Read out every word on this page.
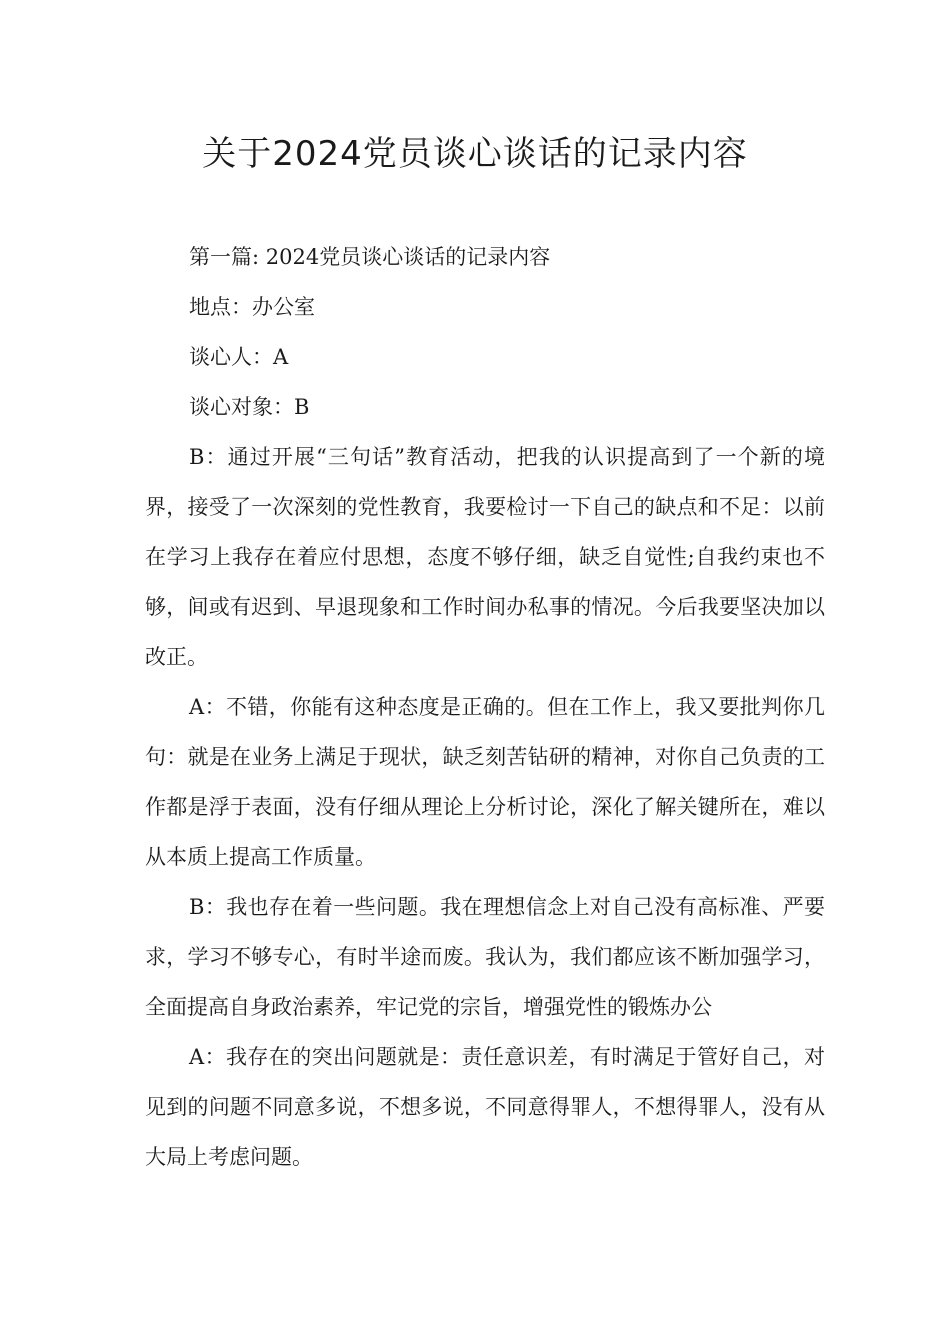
关于2024党员谈心谈话的记录内容

第一篇: 2024党员谈心谈话的记录内容

地点：办公室

谈心人：A

谈心对象：B

B：通过开展“三句话”教育活动，把我的认识提高到了一个新的境界，接受了一次深刻的党性教育，我要检讨一下自己的缺点和不足：以前在学习上我存在着应付思想，态度不够仔细，缺乏自觉性;自我约束也不够，间或有迟到、早退现象和工作时间办私事的情况。今后我要坚决加以改正。

A：不错，你能有这种态度是正确的。但在工作上，我又要批判你几句：就是在业务上满足于现状，缺乏刻苦钻研的精神，对你自己负责的工作都是浮于表面，没有仔细从理论上分析讨论，深化了解关键所在，难以从本质上提高工作质量。

B：我也存在着一些问题。我在理想信念上对自己没有高标准、严要求，学习不够专心，有时半途而废。我认为，我们都应该不断加强学习，全面提高自身政治素养，牢记党的宗旨，增强党性的锻炼办公

A：我存在的突出问题就是：责任意识差，有时满足于管好自己，对见到的问题不同意多说，不想多说，不同意得罪人，不想得罪人，没有从大局上考虑问题。
